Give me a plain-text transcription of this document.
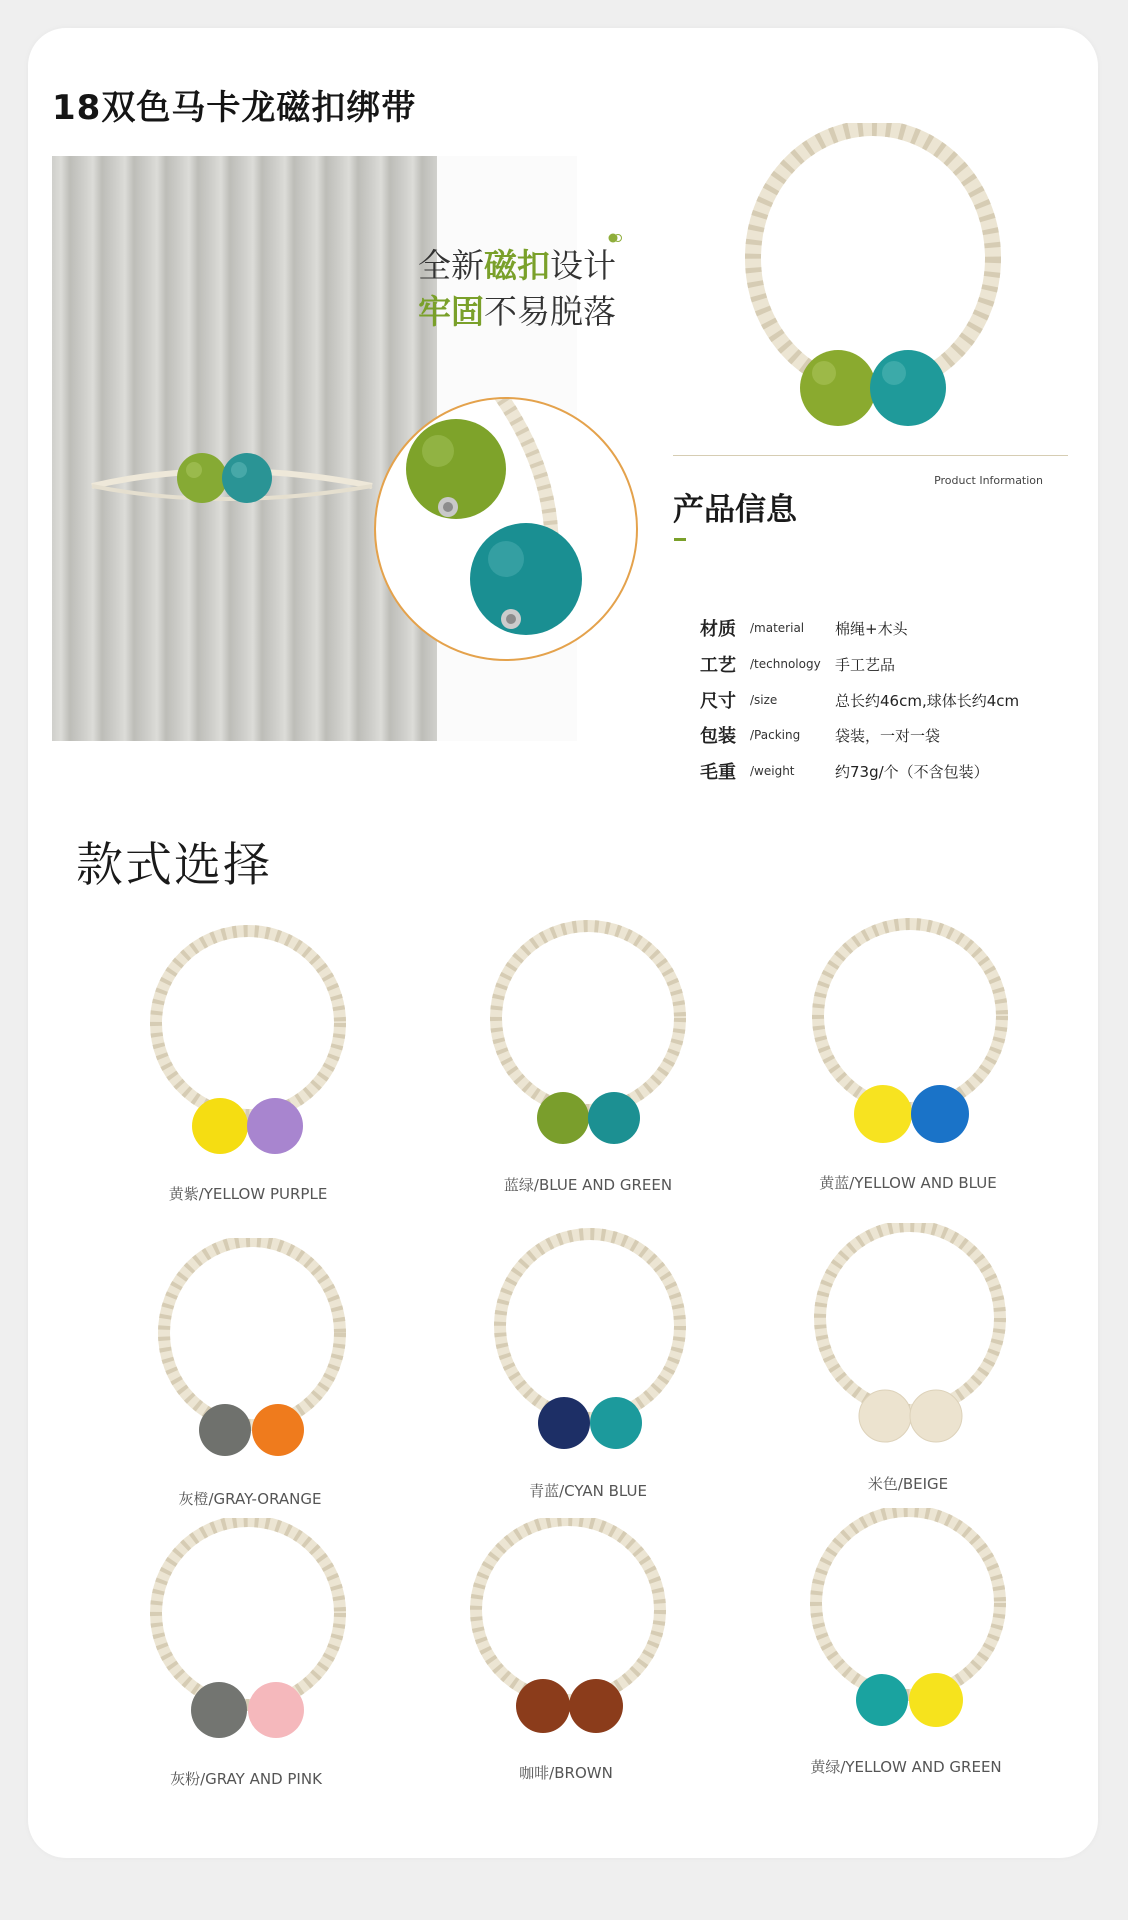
18双色马卡龙磁扣绑带
全新磁扣设计
牢固不易脱落
产品信息
Product Information
材质	/material	棉绳+木头
工艺	/technology 手工艺品
尺寸	/size	总长约46cm,球体长约4cm
包装	/Packing	袋装，一对一袋
毛重	/weight	约73g/个（不含包装）
款式选择
黄紫/YELLOW PURPLE	蓝绿/BLUE AND GREEN	黄蓝/YELLOW AND BLUE
灰橙/GRAY-ORANGE	青蓝/CYAN BLUE	米色/BEIGE
灰粉/GRAY AND PINK	咖啡/BROWN	黄绿/YELLOW AND GREEN
